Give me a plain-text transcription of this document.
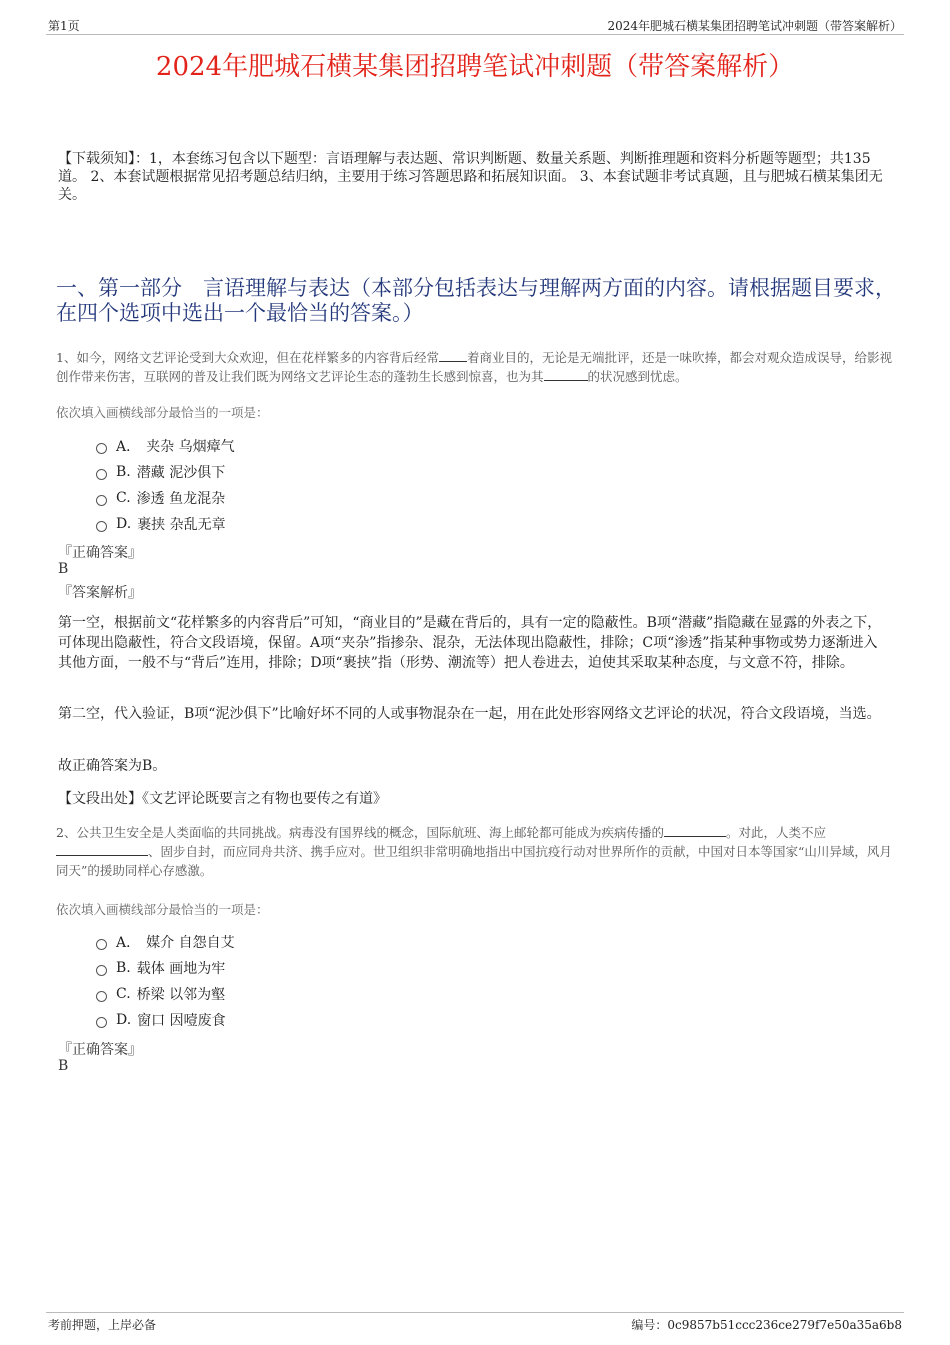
第1页	2024年肥城石横某集团招聘笔试冲刺题（带答案解析）
2024年肥城石横某集团招聘笔试冲刺题（带答案解析）
【下载须知】：1，本套练习包含以下题型：言语理解与表达题、常识判断题、数量关系题、判断推理题和资料分析题等题型；共135道。 2、本套试题根据常见招考题总结归纳，主要用于练习答题思路和拓展知识面。 3、本套试题非考试真题，且与肥城石横某集团无关。
一、第一部分　言语理解与表达（本部分包括表达与理解两方面的内容。请根据题目要求，在四个选项中选出一个最恰当的答案。）
1、如今，网络文艺评论受到大众欢迎，但在花样繁多的内容背后经常 着商业目的，无论是无端批评，还是一味吹捧，都会对观众造成误导，给影视创作带来伤害，互联网的普及让我们既为网络文艺评论生态的蓬勃生长感到惊喜，也为其	的状况感到忧虑。
依次填入画横线部分最恰当的一项是：
A． 夹杂 乌烟瘴气
B. 潜藏 泥沙俱下
C. 渗透 鱼龙混杂
D. 裹挟 杂乱无章
『正确答案』
B
『答案解析』
第一空，根据前文“花样繁多的内容背后”可知，“商业目的”是藏在背后的，具有一定的隐蔽性。B项“潜藏”指隐藏在显露的外表之下，可体现出隐蔽性，符合文段语境，保留。A项“夹杂”指掺杂、混杂，无法体现出隐蔽性，排除；C项“渗透”指某种事物或势力逐渐进入其他方面，一般不与“背后”连用，排除；D项“裹挟”指（形势、潮流等）把人卷进去，迫使其采取某种态度，与文意不符，排除。
第二空，代入验证，B项“泥沙俱下”比喻好坏不同的人或事物混杂在一起，用在此处形容网络文艺评论的状况，符合文段语境，当选。
故正确答案为B。
【文段出处】《文艺评论既要言之有物也要传之有道》
2、公共卫生安全是人类面临的共同挑战。病毒没有国界线的概念，国际航班、海上邮轮都可能成为疾病传播的	。对此，人类不应、固步自封，而应同舟共济、携手应对。世卫组织非常明确地指出中国抗疫行动对世界所作的贡献，中国对日本等国家“山川异域，风月同天”的援助同样心存感激。
依次填入画横线部分最恰当的一项是：
A． 媒介 自怨自艾
B. 载体 画地为牢
C. 桥梁 以邻为壑
D. 窗口 因噎废食
『正确答案』
B
考前押题，上岸必备	编号：0c9857b51ccc236ce279f7e50a35a6b8
